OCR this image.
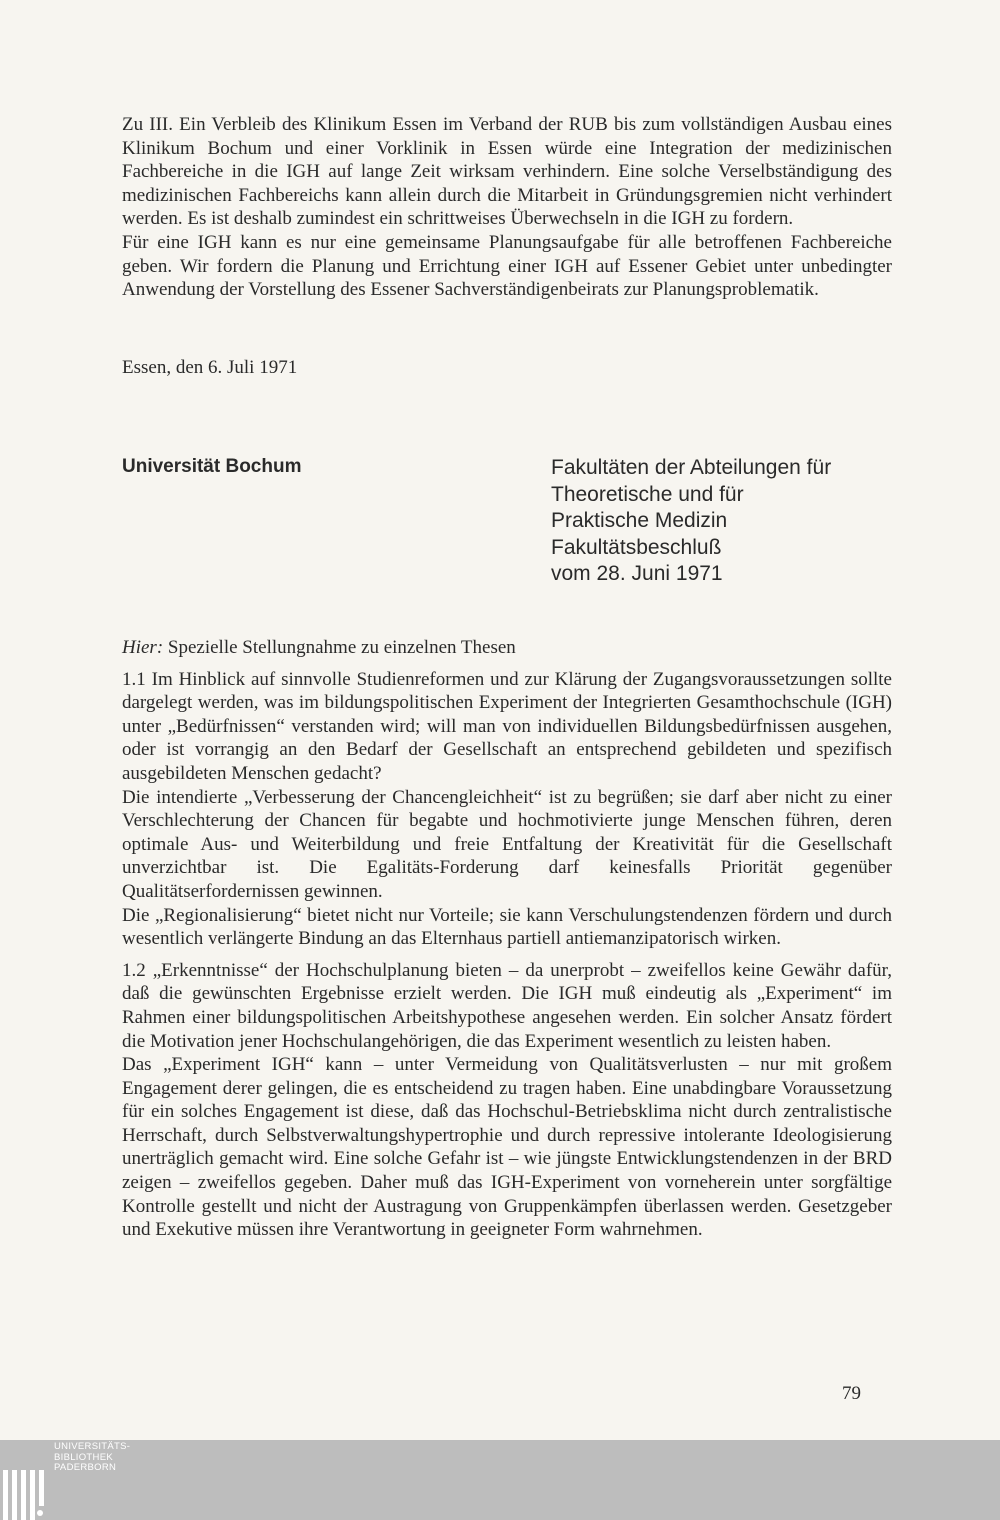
Zu III. Ein Verbleib des Klinikum Essen im Verband der RUB bis zum vollständigen Ausbau eines Klinikum Bochum und einer Vorklinik in Essen würde eine Integration der medizinischen Fachbereiche in die IGH auf lange Zeit wirksam verhindern. Eine solche Verselbständigung des medizinischen Fachbereichs kann allein durch die Mitarbeit in Gründungsgremien nicht verhindert werden. Es ist deshalb zumindest ein schrittweises Überwechseln in die IGH zu fordern.

Für eine IGH kann es nur eine gemeinsame Planungsaufgabe für alle betroffenen Fachbereiche geben. Wir fordern die Planung und Errichtung einer IGH auf Essener Gebiet unter unbedingter Anwendung der Vorstellung des Essener Sachverständigenbeirats zur Planungsproblematik.

Essen, den 6. Juli 1971
Universität Bochum	Fakultäten der Abteilungen für
Theoretische und für
Praktische Medizin
Fakultätsbeschluß
vom 28. Juni 1971

Hier: Spezielle Stellungnahme zu einzelnen Thesen

1.1 Im Hinblick auf sinnvolle Studienreformen und zur Klärung der Zugangsvoraussetzungen sollte dargelegt werden, was im bildungspolitischen Experiment der Integrierten Gesamthochschule (IGH) unter „Bedürfnissen“ verstanden wird; will man von individuellen Bildungsbedürfnissen ausgehen, oder ist vorrangig an den Bedarf der Gesellschaft an entsprechend gebildeten und spezifisch ausgebildeten Menschen gedacht?

Die intendierte „Verbesserung der Chancengleichheit“ ist zu begrüßen; sie darf aber nicht zu einer Verschlechterung der Chancen für begabte und hochmotivierte junge Menschen führen, deren optimale Aus- und Weiterbildung und freie Entfaltung der Kreativität für die Gesellschaft unverzichtbar ist. Die Egalitäts-Forderung darf keinesfalls Priorität gegenüber Qualitätserfordernissen gewinnen.

Die „Regionalisierung“ bietet nicht nur Vorteile; sie kann Verschulungstendenzen fördern und durch wesentlich verlängerte Bindung an das Elternhaus partiell antiemanzipatorisch wirken.

1.2 „Erkenntnisse“ der Hochschulplanung bieten – da unerprobt – zweifellos keine Gewähr dafür, daß die gewünschten Ergebnisse erzielt werden. Die IGH muß eindeutig als „Experiment“ im Rahmen einer bildungspolitischen Arbeitshypothese angesehen werden. Ein solcher Ansatz fördert die Motivation jener Hochschulangehörigen, die das Experiment wesentlich zu leisten haben.

Das „Experiment IGH“ kann – unter Vermeidung von Qualitätsverlusten – nur mit großem Engagement derer gelingen, die es entscheidend zu tragen haben. Eine unabdingbare Voraussetzung für ein solches Engagement ist diese, daß das Hochschul-Betriebsklima nicht durch zentralistische Herrschaft, durch Selbstverwaltungshypertrophie und durch repressive intolerante Ideologisierung unerträglich gemacht wird. Eine solche Gefahr ist – wie jüngste Entwicklungstendenzen in der BRD zeigen – zweifellos gegeben. Daher muß das IGH-Experiment von vorneherein unter sorgfältige Kontrolle gestellt und nicht der Austragung von Gruppenkämpfen überlassen werden. Gesetzgeber und Exekutive müssen ihre Verantwortung in geeigneter Form wahrnehmen.

79
UNIVERSITÄTS-
BIBLIOTHEK
PADERBORN
